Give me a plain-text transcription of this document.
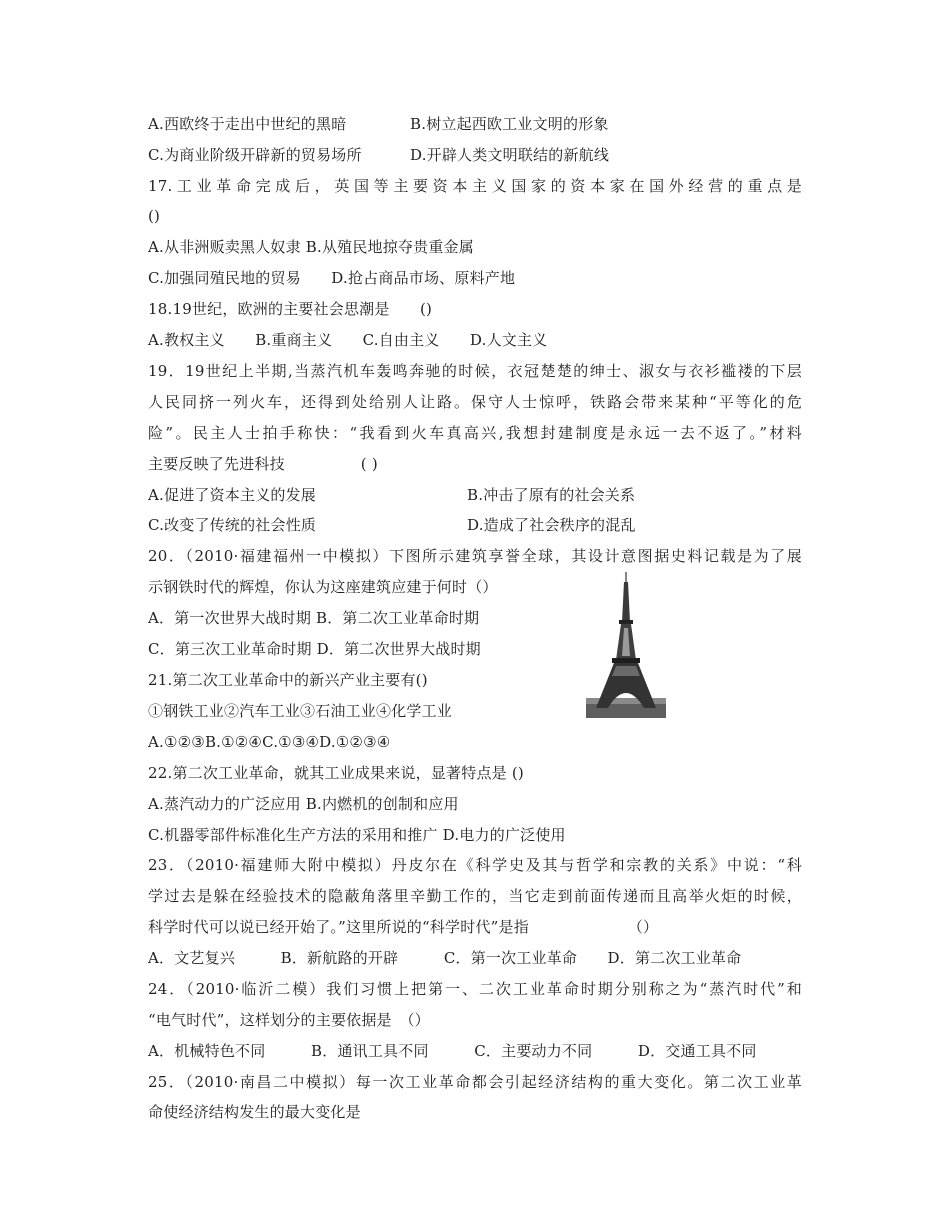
A.西欧终于走出中世纪的黑暗	B.树立起西欧工业文明的形象
C.为商业阶级开辟新的贸易场所	D.开辟人类文明联结的新航线
17.工业革命完成后，英国等主要资本主义国家的资本家在国外经营的重点是
()
A.从非洲贩卖黑人奴隶 B.从殖民地掠夺贵重金属
C.加强同殖民地的贸易　　D.抢占商品市场、原料产地
18.19世纪，欧洲的主要社会思潮是　　()
A.教权主义　　B.重商主义　　C.自由主义　　D.人文主义
19．19世纪上半期,当蒸汽机车轰鸣奔驰的时候，衣冠楚楚的绅士、淑女与衣衫褴褛的下层
人民同挤一列火车，还得到处给别人让路。保守人士惊呼，铁路会带来某种“平等化的危
险”。民主人士拍手称快：“我看到火车真高兴,我想封建制度是永远一去不返了。”材料
主要反映了先进科技　　　　　( )
A.促进了资本主义的发展	B.冲击了原有的社会关系
C.改变了传统的社会性质	D.造成了社会秩序的混乱
20．（2010·福建福州一中模拟）下图所示建筑享誉全球，其设计意图据史料记载是为了展
示钢铁时代的辉煌，你认为这座建筑应建于何时（）
A．第一次世界大战时期 B．第二次工业革命时期
C．第三次工业革命时期 D．第二次世界大战时期
21.第二次工业革命中的新兴产业主要有()
①钢铁工业②汽车工业③石油工业④化学工业
A.①②③B.①②④C.①③④D.①②③④
22.第二次工业革命，就其工业成果来说，显著特点是 ()
A.蒸汽动力的广泛应用 B.内燃机的创制和应用
C.机器零部件标准化生产方法的采用和推广 D.电力的广泛使用
23．（2010·福建师大附中模拟）丹皮尔在《科学史及其与哲学和宗教的关系》中说：“科
学过去是躲在经验技术的隐蔽角落里辛勤工作的，当它走到前面传递而且高举火炬的时候，
科学时代可以说已经开始了。”这里所说的“科学时代”是指　　　　　　　（）
A．文艺复兴　　　B．新航路的开辟　　　C．第一次工业革命　　D．第二次工业革命
24．（2010·临沂二模）我们习惯上把第一、二次工业革命时期分别称之为“蒸汽时代”和
“电气时代”，这样划分的主要依据是　（）
A．机械特色不同　　　B．通讯工具不同　　　C．主要动力不同　　　D．交通工具不同
25．（2010·南昌二中模拟）每一次工业革命都会引起经济结构的重大变化。第二次工业革
命使经济结构发生的最大变化是
